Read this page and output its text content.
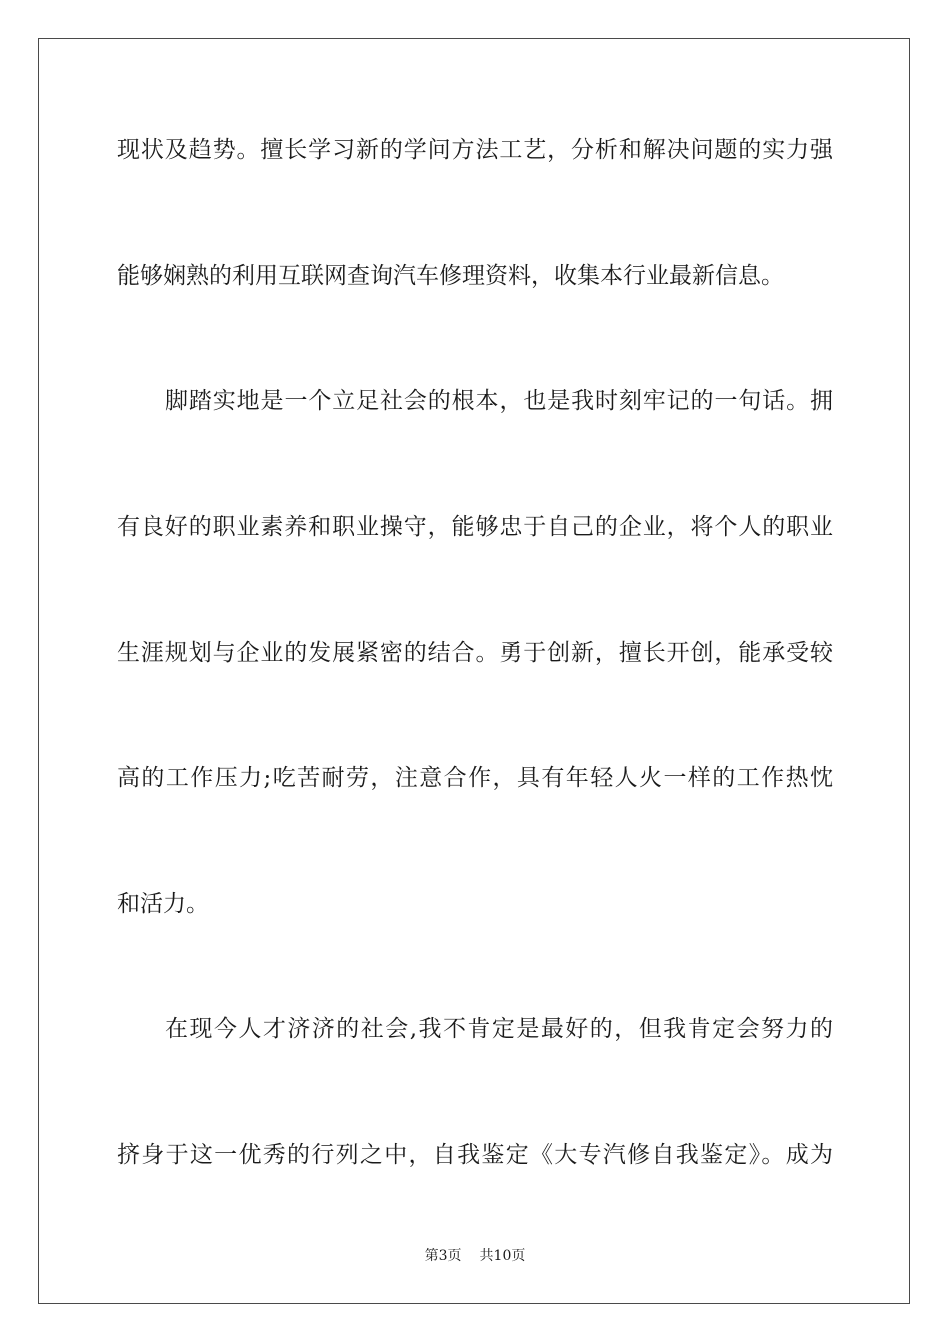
现状及趋势。擅长学习新的学问方法工艺，分析和解决问题的实力强
能够娴熟的利用互联网查询汽车修理资料，收集本行业最新信息。
脚踏实地是一个立足社会的根本，也是我时刻牢记的一句话。拥
有良好的职业素养和职业操守，能够忠于自己的企业，将个人的职业
生涯规划与企业的发展紧密的结合。勇于创新，擅长开创，能承受较
高的工作压力;吃苦耐劳，注意合作，具有年轻人火一样的工作热忱
和活力。
在现今人才济济的社会,我不肯定是最好的，但我肯定会努力的
挤身于这一优秀的行列之中，自我鉴定《大专汽修自我鉴定》。成为
第3页 共10页
